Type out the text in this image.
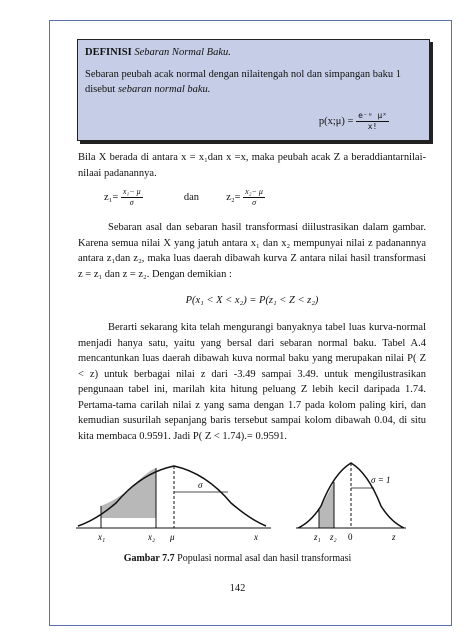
DEFINISI Sebaran Normal Baku.
Sebaran peubah acak normal dengan nilaitengah nol dan simpangan baku 1 disebut sebaran normal baku.
p(x;μ) = $\frac{\text{e⁻ᵘ μˣ}}{x!}$
Bila X berada di antara x = x₁dan x =x, maka peubah acak Z a beraddiantarnilai-nilaai padanannya.
$z_1= \frac{\text{x₁− μ}}{\sigma}$	dan	$z_2= \frac{\text{x₂− μ}}{\sigma}$
Sebaran asal dan sebaran hasil transformasi diilustrasikan dalam gambar. Karena semua nilai X yang jatuh antara x₁ dan x₂ mempunyai nilai z padanannya antara z₁dan z₂, maka luas daerah dibawah kurva Z antara nilai hasil transformasi z = z₁ dan z = z₂. Dengan demikian :
P(x₁ < X < x₂) = P(z₁ < Z < z₂)
Berarti sekarang kita telah mengurangi banyaknya tabel luas kurva-normal menjadi hanya satu, yaitu yang bersal dari sebaran normal baku. Tabel A.4 mencantunkan luas daerah dibawah kuva normal baku yang merupakan nilai P( Z < z) untuk berbagai nilai z dari -3.49 sampai 3.49. untuk mengilustrasikan pengunaan tabel ini, marilah kita hitung peluang Z lebih kecil daripada 1.74. Pertama-tama carilah nilai z yang sama dengan 1.7 pada kolom paling kiri, dan kemudian susurilah sepanjang baris tersebut sampai kolom dibawah 0.04, di situ kita membaca 0.9591. Jadi P( Z < 1.74).= 0.9591.
x₁	x₂ μ	x
σ
z₁ z₂ 0	z
σ = 1
Gambar 7.7 Populasi normal asal dan hasil transformasi
142
